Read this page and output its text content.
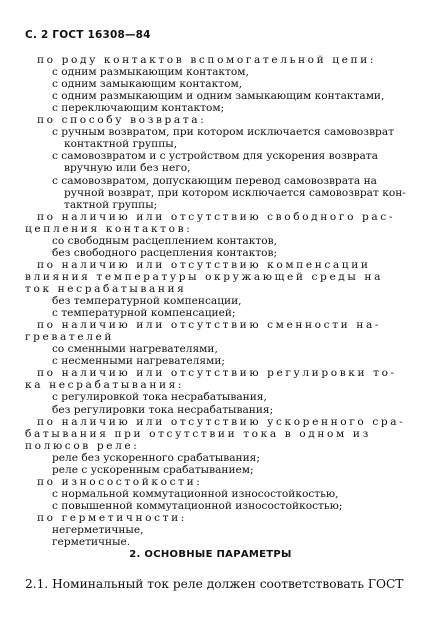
С. 2 ГОСТ 16308—84
по роду контактов вспомогательной цепи:
с одним размыкающим контактом,
с одним замыкающим контактом,
с одним размыкающим и одним замыкающим контактами,
с переключающим контактом;
по способу возврата:
с ручным возвратом, при котором исключается самовозврат
контактной группы,
с самовозвратом и с устройством для ускорения возврата
вручную или без него,
с самовозвратом, допускающим перевод самовозврата на
ручной возврат, при котором исключается самовозврат кон-
тактной группы;
по наличию или отсутствию свободного рас-
цепления контактов:
со свободным расцеплением контактов,
без свободного расцепления контактов;
по наличию или отсутствию компенсации
влияния температуры окружающей среды на
ток несрабатывания
без температурной компенсации,
с температурной компенсацией;
по наличию или отсутствию сменности на-
гревателей
со сменными нагревателями,
с несменными нагревателями;
по наличию или отсутствию регулировки то-
ка несрабатывания:
с регулировкой тока несрабатывания,
без регулировки тока несрабатывания;
по наличию или отсутствию ускоренного сра-
батывания при отсутствии тока в одном из
полюсов реле:
реле без ускоренного срабатывания;
реле с ускоренным срабатыванием;
по износостойкости:
с нормальной коммутационной износостойкостью,
с повышенной коммутационной износостойкостью;
2. ОСНОВНЫЕ ПАРАМЕТРЫ
2.1. Номинальный ток реле должен соответствовать ГОСТ
по герметичности:
негерметичные,
герметичные.
